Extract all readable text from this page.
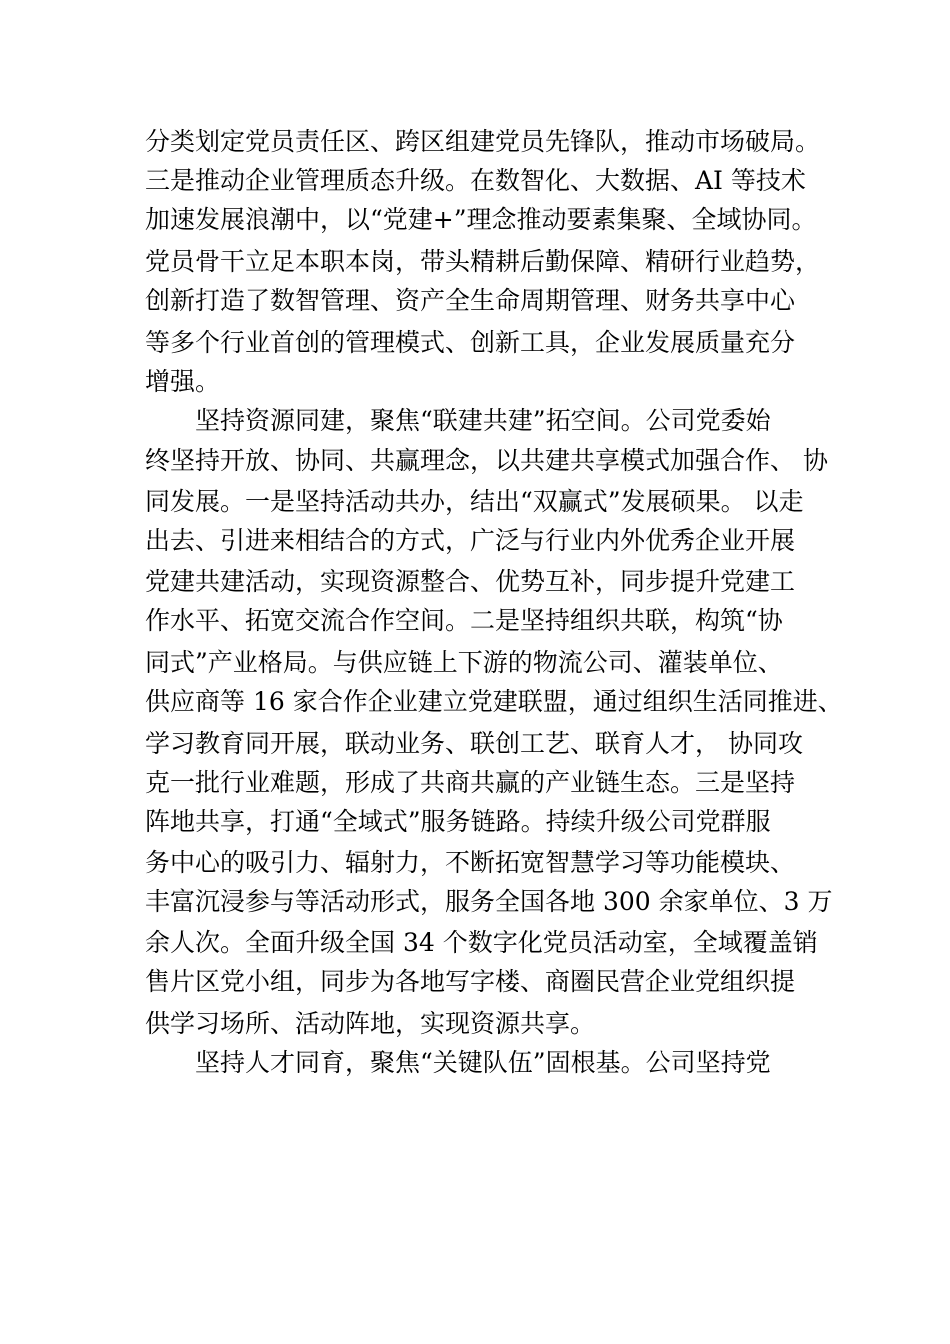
分类划定党员责任区、跨区组建党员先锋队，推动市场破局。
三是推动企业管理质态升级。在数智化、大数据、AI 等技术
加速发展浪潮中，以“党建+”理念推动要素集聚、全域协同。
党员骨干立足本职本岗，带头精耕后勤保障、精研行业趋势，
创新打造了数智管理、资产全生命周期管理、财务共享中心
等多个行业首创的管理模式、创新工具，企业发展质量充分
增强。
坚持资源同建，聚焦“联建共建”拓空间。公司党委始
终坚持开放、协同、共赢理念，以共建共享模式加强合作、 协
同发展。一是坚持活动共办，结出“双赢式”发展硕果。 以走
出去、引进来相结合的方式，广泛与行业内外优秀企业开展
党建共建活动，实现资源整合、优势互补，同步提升党建工
作水平、拓宽交流合作空间。二是坚持组织共联，构筑“协
同式”产业格局。与供应链上下游的物流公司、灌装单位、
供应商等 16 家合作企业建立党建联盟，通过组织生活同推进、
学习教育同开展，联动业务、联创工艺、联育人才， 协同攻
克一批行业难题，形成了共商共赢的产业链生态。三是坚持
阵地共享，打通“全域式”服务链路。持续升级公司党群服
务中心的吸引力、辐射力，不断拓宽智慧学习等功能模块、
丰富沉浸参与等活动形式，服务全国各地 300 余家单位、3 万
余人次。全面升级全国 34 个数字化党员活动室，全域覆盖销
售片区党小组，同步为各地写字楼、商圈民营企业党组织提
供学习场所、活动阵地，实现资源共享。
坚持人才同育，聚焦“关键队伍”固根基。公司坚持党
